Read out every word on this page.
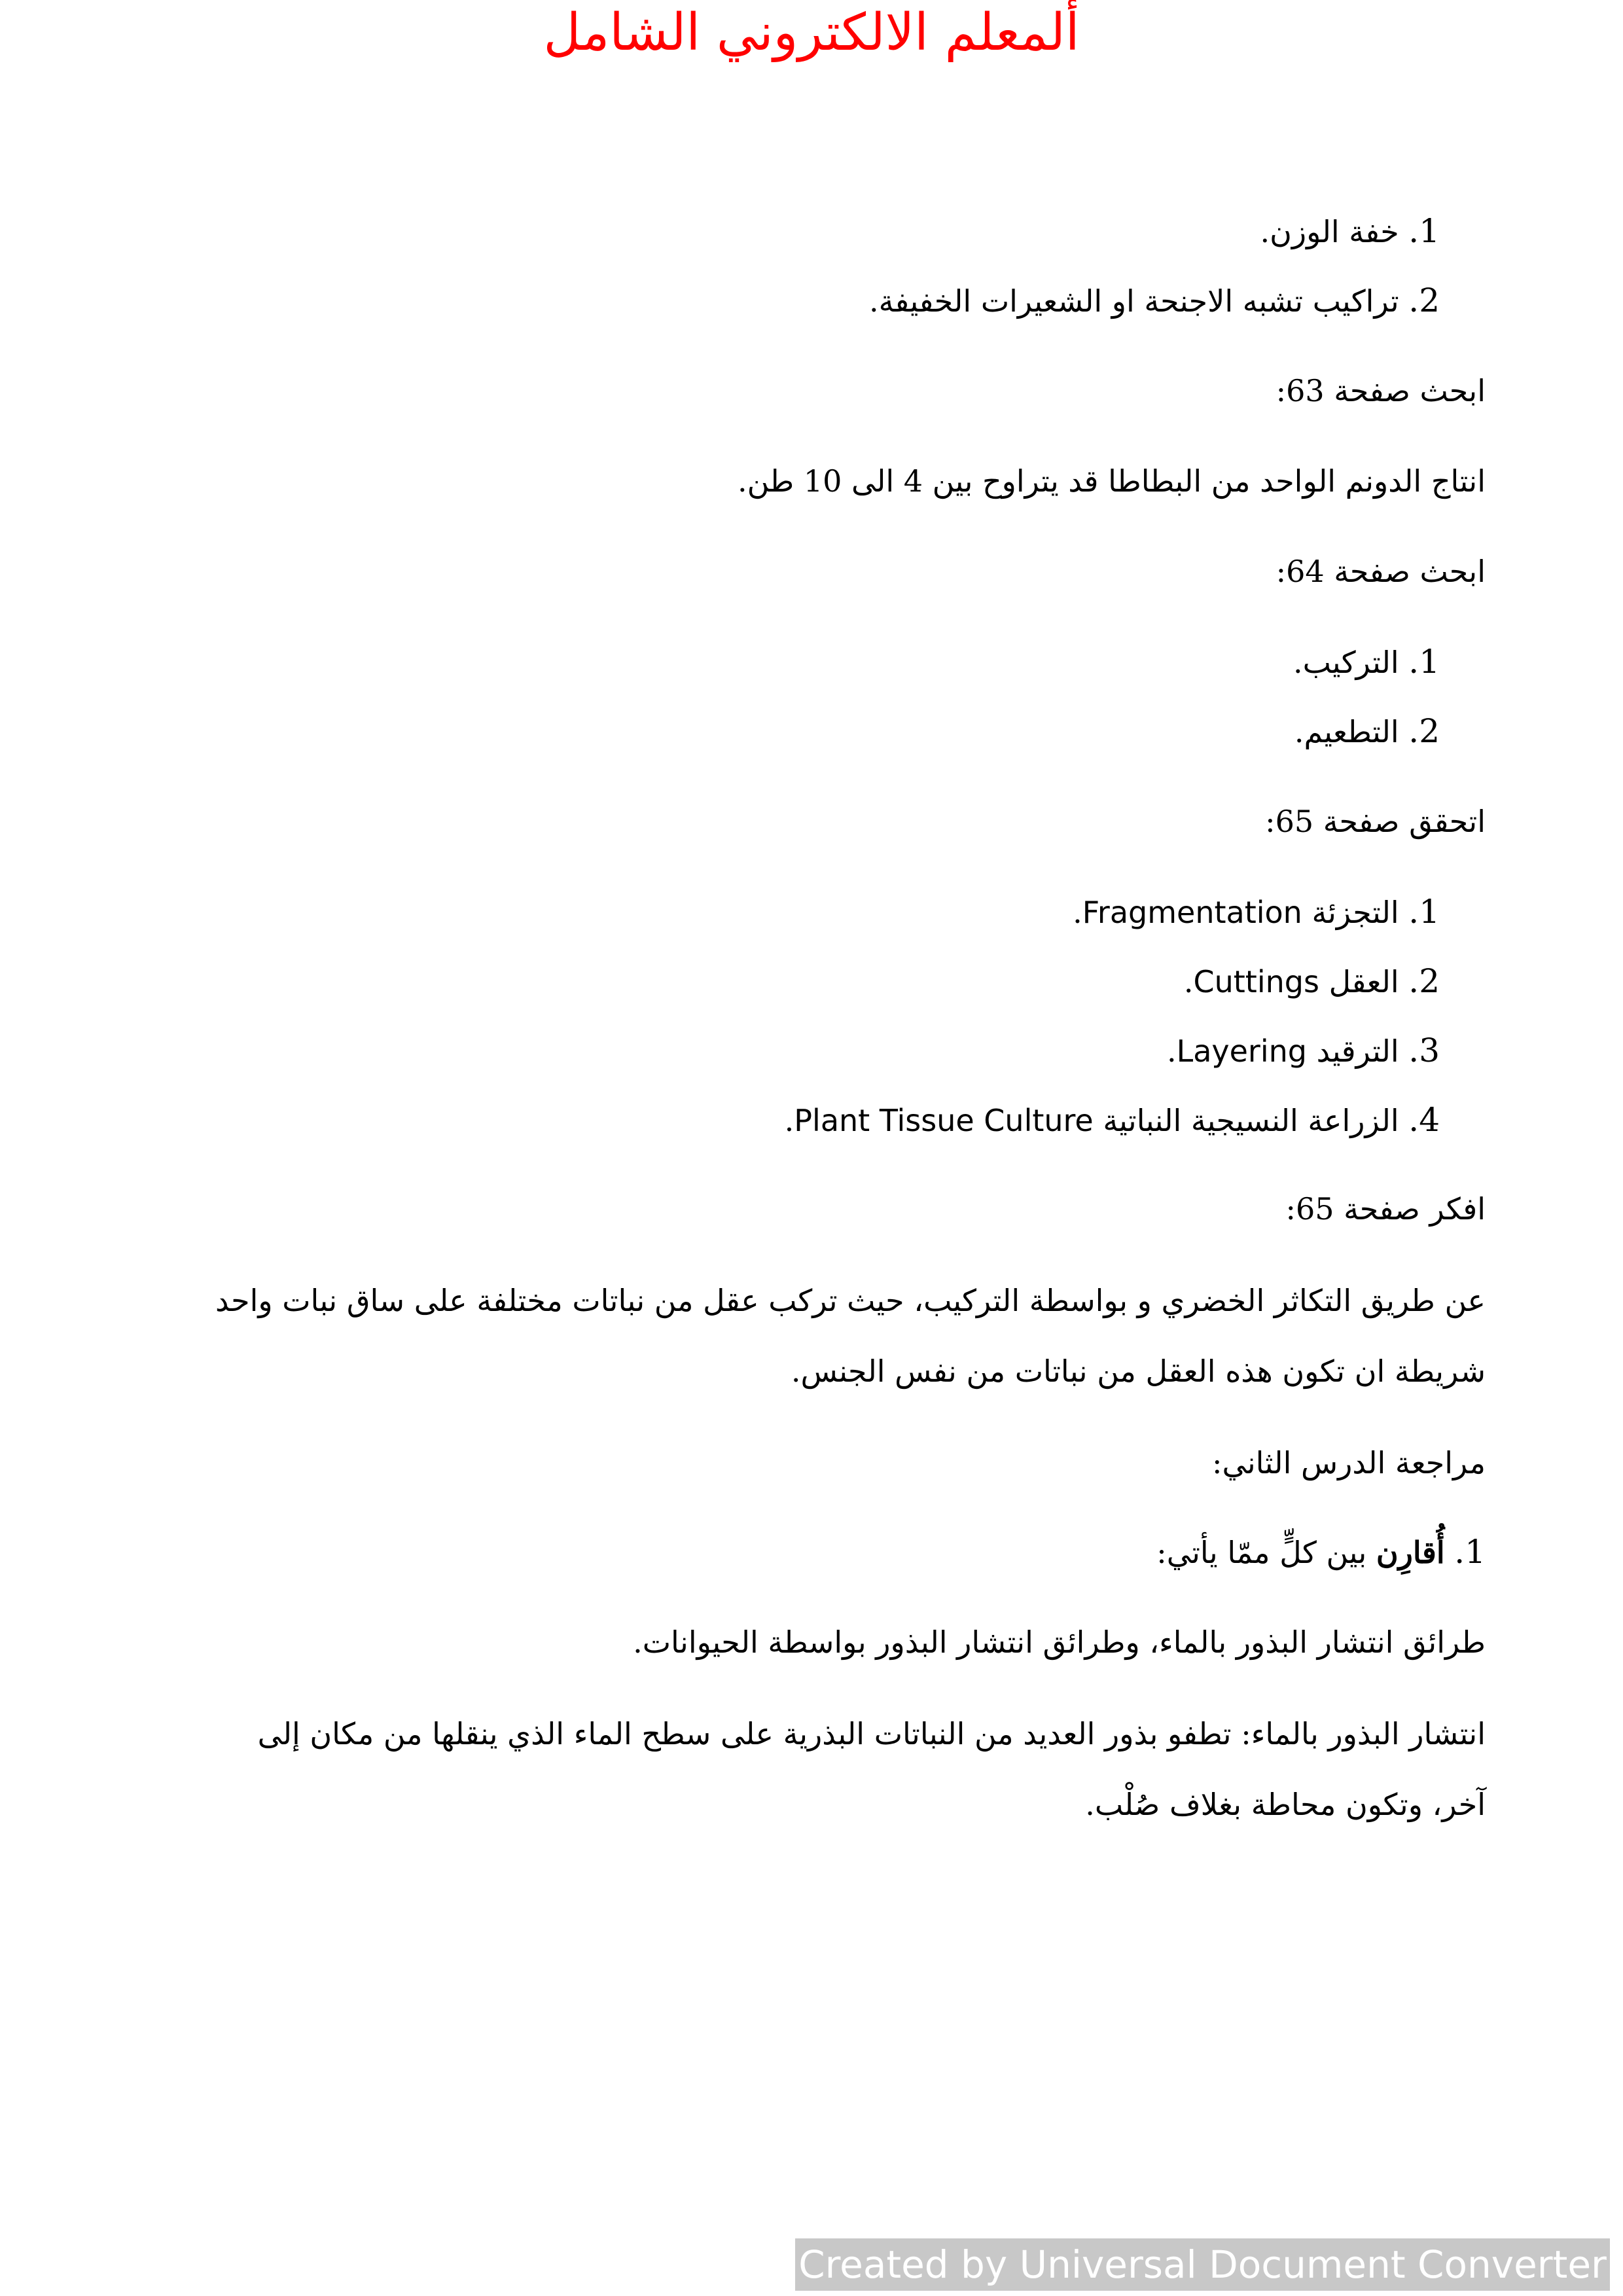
ألمعلم الالكتروني الشامل
1. خفة الوزن.
2. تراكيب تشبه الاجنحة او الشعيرات الخفيفة.
ابحث صفحة 63:
انتاج الدونم الواحد من البطاطا قد يتراوح بين 4 الى 10 طن.
ابحث صفحة 64:
1. التركيب.
2. التطعيم.
اتحقق صفحة 65:
1. التجزئة Fragmentation.
2. العقل Cuttings.
3. الترقيد Layering.
4. الزراعة النسيجية النباتية Plant Tissue Culture.
افكر صفحة 65:
عن طريق التكاثر الخضري و بواسطة التركيب، حيث تركب عقل من نباتات مختلفة على ساق نبات واحد
شريطة ان تكون هذه العقل من نباتات من نفس الجنس.
مراجعة الدرس الثاني:
1. أُقارِن بين كلٍّ ممّا يأتي:
طرائق انتشار البذور بالماء، وطرائق انتشار البذور بواسطة الحيوانات.
انتشار البذور بالماء: تطفو بذور العديد من النباتات البذرية على سطح الماء الذي ينقلها من مكان إلى
آخر، وتكون محاطة بغلاف صُلْب.
Created by Universal Document Converter
